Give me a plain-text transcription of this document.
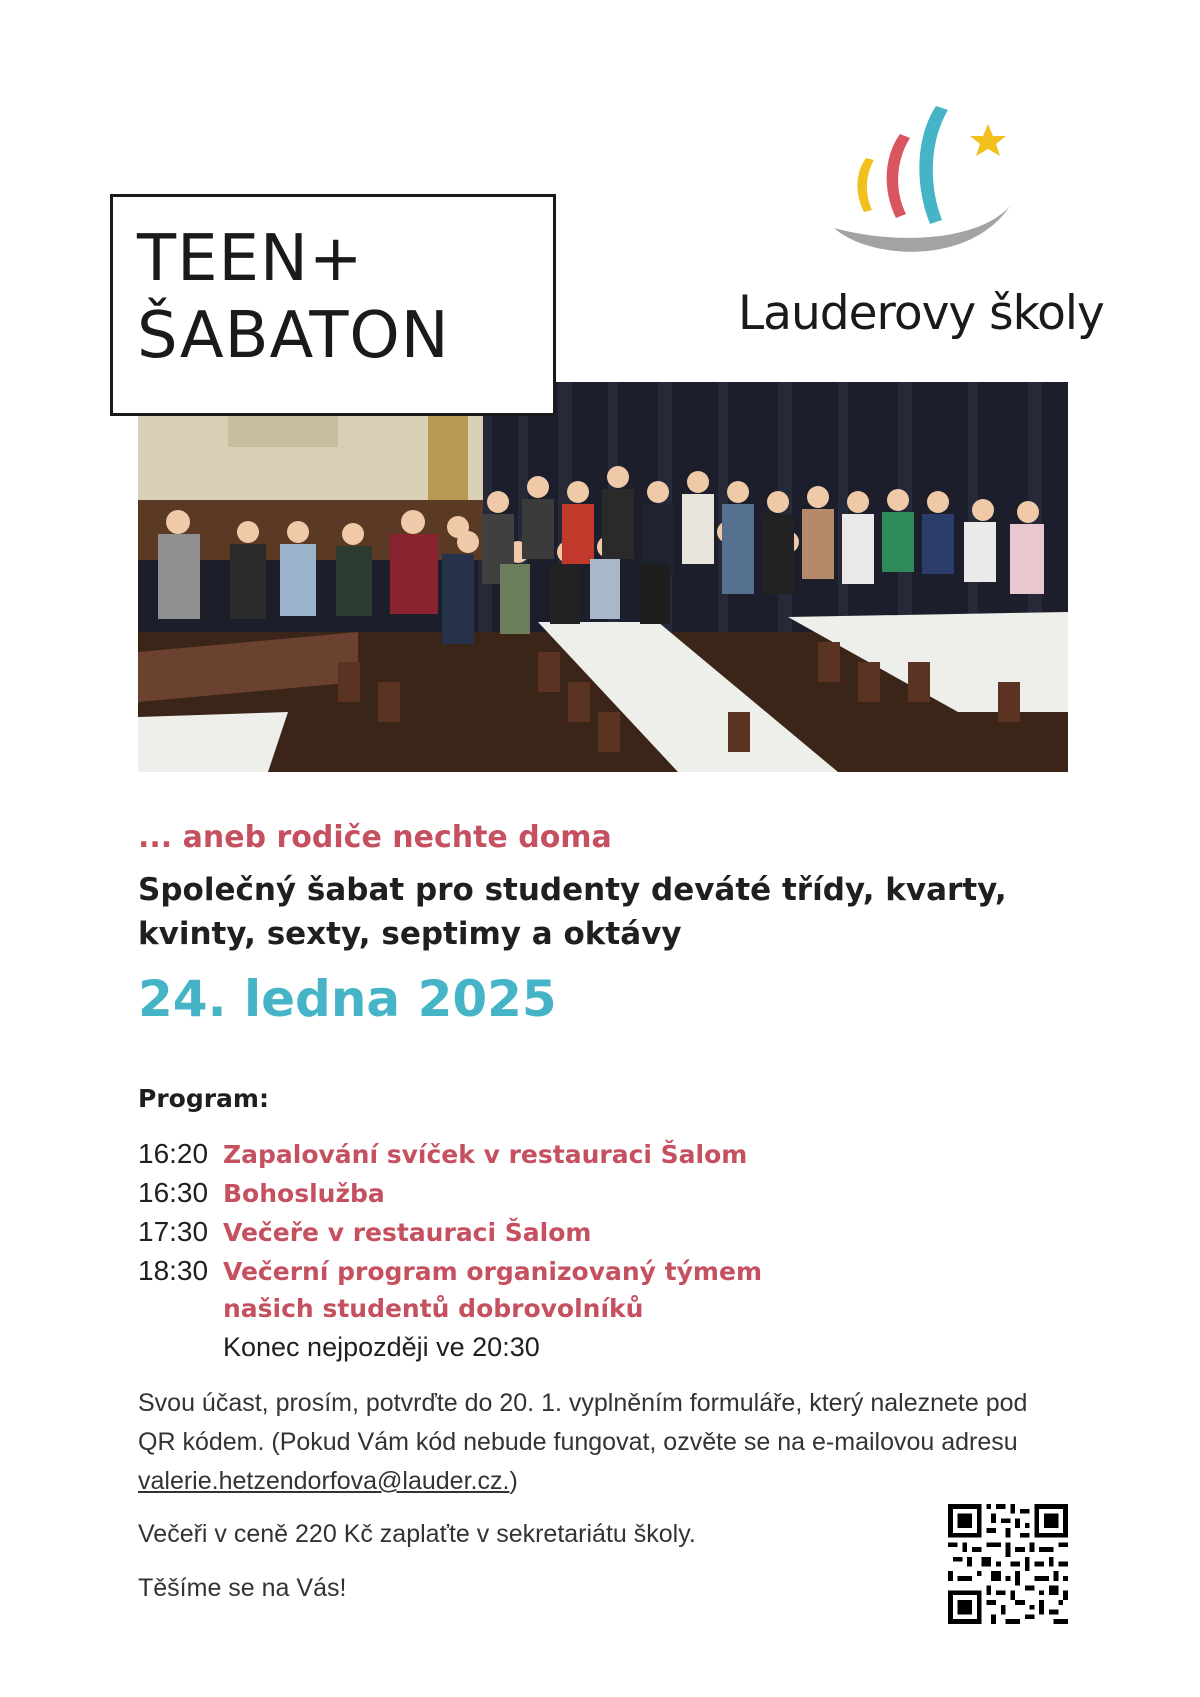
Lauderovy školy
TEEN+
ŠABATON
... aneb rodiče nechte doma
Společný šabat pro studenty deváté třídy, kvarty, kvinty, sexty, septimy a oktávy
24. ledna 2025
Program:
16:20 Zapalování svíček v restauraci Šalom
16:30 Bohoslužba
17:30 Večeře v restauraci Šalom
18:30 Večerní program organizovaný týmem
našich studentů dobrovolníků
Konec nejpozději ve 20:30
Svou účast, prosím, potvrďte do 20. 1. vyplněním formuláře, který naleznete pod QR kódem. (Pokud Vám kód nebude fungovat, ozvěte se na e-mailovou adresu valerie.hetzendorfova@lauder.cz.)
Večeři v ceně 220 Kč zaplaťte v sekretariátu školy.
Těšíme se na Vás!
